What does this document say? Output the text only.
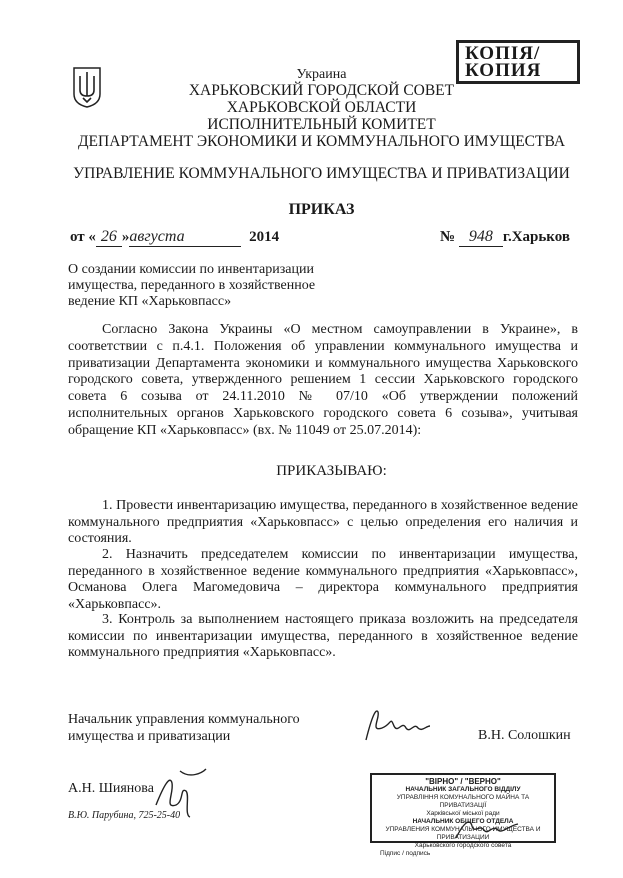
КОПІЯ/
КОПИЯ
Украина
ХАРЬКОВСКИЙ ГОРОДСКОЙ СОВЕТ
ХАРЬКОВСКОЙ ОБЛАСТИ
ИСПОЛНИТЕЛЬНЫЙ КОМИТЕТ
ДЕПАРТАМЕНТ ЭКОНОМИКИ И КОММУНАЛЬНОГО ИМУЩЕСТВА
УПРАВЛЕНИЕ КОММУНАЛЬНОГО ИМУЩЕСТВА И ПРИВАТИЗАЦИИ
ПРИКАЗ
от « 26 »августа	2014	№ 948 г.Харьков
О создании комиссии по инвентаризации имущества, переданного в хозяйственное ведение КП «Харьковпасс»
Согласно Закона Украины «О местном самоуправлении в Украине», в соответствии с п.4.1. Положения об управлении коммунального имущества и приватизации Департамента экономики и коммунального имущества Харьковского городского совета, утвержденного решением 1 сессии Харьковского городского совета 6 созыва от 24.11.2010 № 07/10 «Об утверждении положений исполнительных органов Харьковского городского совета 6 созыва», учитывая обращение КП «Харьковпасс» (вх. № 11049 от 25.07.2014):
ПРИКАЗЫВАЮ:
1. Провести инвентаризацию имущества, переданного в хозяйственное ведение коммунального предприятия «Харьковпасс» с целью определения его наличия и состояния.
2. Назначить председателем комиссии по инвентаризации имущества, переданного в хозяйственное ведение коммунального предприятия «Харьковпасс», Османова Олега Магомедовича – директора коммунального предприятия «Харьковпасс».
3. Контроль за выполнением настоящего приказа возложить на председателя комиссии по инвентаризации имущества, переданного в хозяйственное ведение коммунального предприятия «Харьковпасс».
Начальник управления коммунального
имущества и приватизации	В.Н. Солошкин
А.Н. Шиянова
В.Ю. Парубина, 725-25-40
"ВІРНО" / "ВЕРНО"
НАЧАЛЬНИК ЗАГАЛЬНОГО ВІДДІЛУ
УПРАВЛІННЯ КОМУНАЛЬНОГО МАЙНА ТА ПРИВАТИЗАЦІЇ
Харківської міської ради
НАЧАЛЬНИК ОБЩЕГО ОТДЕЛА
УПРАВЛЕНИЯ КОММУНАЛЬНОГО ИМУЩЕСТВА И ПРИВАТИЗАЦИИ
Харьковского городского совета
Підпис / подпись
